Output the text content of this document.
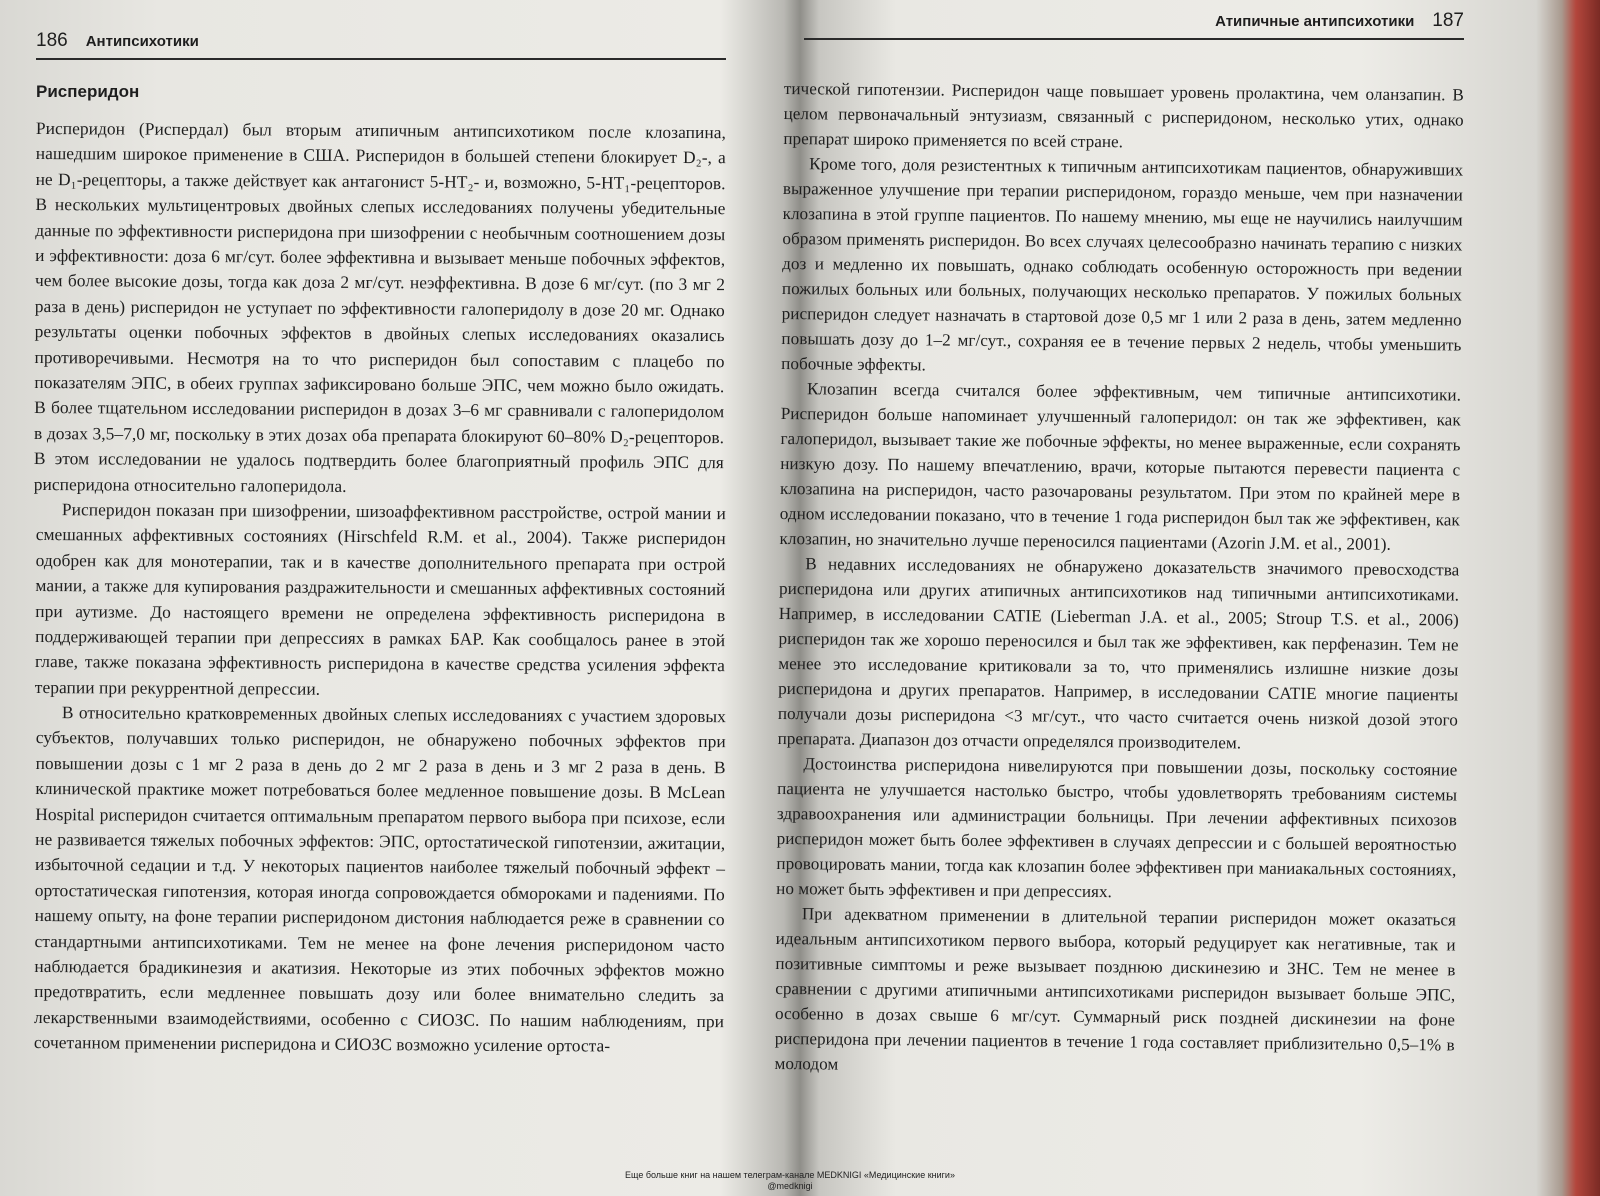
186 Антипсихотики
Рисперидон

Рисперидон (Риспердал) был вторым атипичным антипсихотиком после клозапина, нашедшим широкое применение в США. Рисперидон в большей степени блокирует D₂-, а не D₁-рецепторы, а также действует как антагонист 5-HT₂- и, возможно, 5-HT₁-рецепторов. В нескольких мультицентровых двойных слепых исследованиях получены убедительные данные по эффективности рисперидона при шизофрении с необычным соотношением дозы и эффективности: доза 6 мг/сут. более эффективна и вызывает меньше побочных эффектов, чем более высокие дозы, тогда как доза 2 мг/сут. неэффективна. В дозе 6 мг/сут. (по 3 мг 2 раза в день) рисперидон не уступает по эффективности галоперидолу в дозе 20 мг. Однако результаты оценки побочных эффектов в двойных слепых исследованиях оказались противоречивыми. Несмотря на то что рисперидон был сопоставим с плацебо по показателям ЭПС, в обеих группах зафиксировано больше ЭПС, чем можно было ожидать. В более тщательном исследовании рисперидон в дозах 3–6 мг сравнивали с галоперидолом в дозах 3,5–7,0 мг, поскольку в этих дозах оба препарата блокируют 60–80% D₂-рецепторов. В этом исследовании не удалось подтвердить более благоприятный профиль ЭПС для рисперидона относительно галоперидола.

Рисперидон показан при шизофрении, шизоаффективном расстройстве, острой мании и смешанных аффективных состояниях (Hirschfeld R.M. et al., 2004). Также рисперидон одобрен как для монотерапии, так и в качестве дополнительного препарата при острой мании, а также для купирования раздражительности и смешанных аффективных состояний при аутизме. До настоящего времени не определена эффективность рисперидона в поддерживающей терапии при депрессиях в рамках БАР. Как сообщалось ранее в этой главе, также показана эффективность рисперидона в качестве средства усиления эффекта терапии при рекуррентной депрессии.

В относительно кратковременных двойных слепых исследованиях с участием здоровых субъектов, получавших только рисперидон, не обнаружено побочных эффектов при повышении дозы с 1 мг 2 раза в день до 2 мг 2 раза в день и 3 мг 2 раза в день. В клинической практике может потребоваться более медленное повышение дозы. В McLean Hospital рисперидон считается оптимальным препаратом первого выбора при психозе, если не развивается тяжелых побочных эффектов: ЭПС, ортостатической гипотензии, ажитации, избыточной седации и т.д. У некоторых пациентов наиболее тяжелый побочный эффект – ортостатическая гипотензия, которая иногда сопровождается обмороками и падениями. По нашему опыту, на фоне терапии рисперидоном дистония наблюдается реже в сравнении со стандартными антипсихотиками. Тем не менее на фоне лечения рисперидоном часто наблюдается брадикинезия и акатизия. Некоторые из этих побочных эффектов можно предотвратить, если медленнее повышать дозу или более внимательно следить за лекарственными взаимодействиями, особенно с СИОЗС. По нашим наблюдениям, при сочетанном применении рисперидона и СИОЗС возможно усиление ортоста-

Атипичные антипсихотики 187

тической гипотензии. Рисперидон чаще повышает уровень пролактина, чем оланзапин. В целом первоначальный энтузиазм, связанный с рисперидоном, несколько утих, однако препарат широко применяется по всей стране.

Кроме того, доля резистентных к типичным антипсихотикам пациентов, обнаруживших выраженное улучшение при терапии рисперидоном, гораздо меньше, чем при назначении клозапина в этой группе пациентов. По нашему мнению, мы еще не научились наилучшим образом применять рисперидон. Во всех случаях целесообразно начинать терапию с низких доз и медленно их повышать, однако соблюдать особенную осторожность при ведении пожилых больных или больных, получающих несколько препаратов. У пожилых больных рисперидон следует назначать в стартовой дозе 0,5 мг 1 или 2 раза в день, затем медленно повышать дозу до 1–2 мг/сут., сохраняя ее в течение первых 2 недель, чтобы уменьшить побочные эффекты.

Клозапин всегда считался более эффективным, чем типичные антипсихотики. Рисперидон больше напоминает улучшенный галоперидол: он так же эффективен, как галоперидол, вызывает такие же побочные эффекты, но менее выраженные, если сохранять низкую дозу. По нашему впечатлению, врачи, которые пытаются перевести пациента с клозапина на рисперидон, часто разочарованы результатом. При этом по крайней мере в одном исследовании показано, что в течение 1 года рисперидон был так же эффективен, как клозапин, но значительно лучше переносился пациентами (Azorin J.M. et al., 2001).

В недавних исследованиях не обнаружено доказательств значимого превосходства рисперидона или других атипичных антипсихотиков над типичными антипсихотиками. Например, в исследовании CATIE (Lieberman J.A. et al., 2005; Stroup T.S. et al., 2006) рисперидон так же хорошо переносился и был так же эффективен, как перфеназин. Тем не менее это исследование критиковали за то, что применялись излишне низкие дозы рисперидона и других препаратов. Например, в исследовании CATIE многие пациенты получали дозы рисперидона <3 мг/сут., что часто считается очень низкой дозой этого препарата. Диапазон доз отчасти определялся производителем.

Достоинства рисперидона нивелируются при повышении дозы, поскольку состояние пациента не улучшается настолько быстро, чтобы удовлетворять требованиям системы здравоохранения или администрации больницы. При лечении аффективных психозов рисперидон может быть более эффективен в случаях депрессии и с большей вероятностью провоцировать мании, тогда как клозапин более эффективен при маниакальных состояниях, но может быть эффективен и при депрессиях.

При адекватном применении в длительной терапии рисперидон может оказаться идеальным антипсихотиком первого выбора, который редуцирует как негативные, так и позитивные симптомы и реже вызывает позднюю дискинезию и ЗНС. Тем не менее в сравнении с другими атипичными антипсихотиками рисперидон вызывает больше ЭПС, особенно в дозах свыше 6 мг/сут. Суммарный риск поздней дискинезии на фоне рисперидона при лечении пациентов в течение 1 года составляет приблизительно 0,5–1% в молодом

Еще больше книг на нашем телеграм-канале MEDKNIGI «Медицинские книги»
@medknigi
